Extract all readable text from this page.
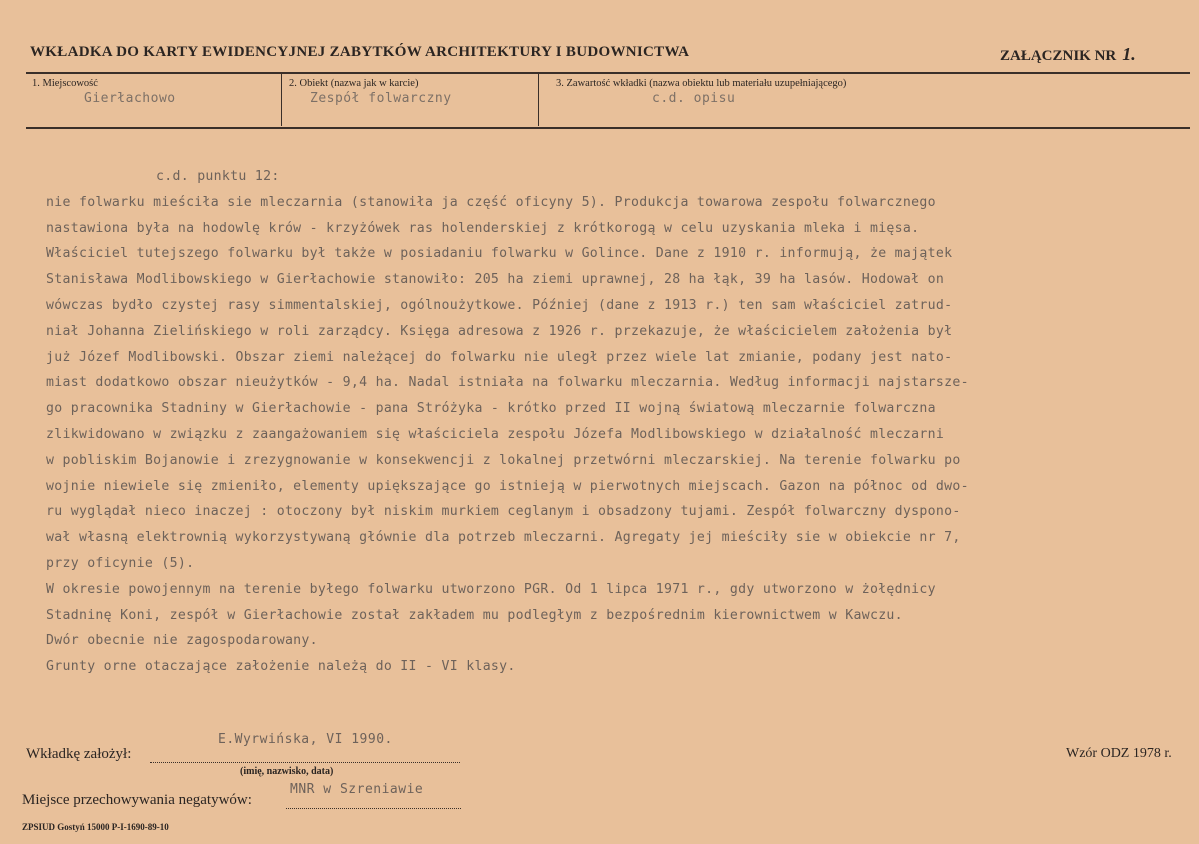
WKŁADKA DO KARTY EWIDENCYJNEJ ZABYTKÓW ARCHITEKTURY I BUDOWNICTWA	ZAŁĄCZNIK NR 1.
1. Miejscowość
Gierłachowo
2. Obiekt (nazwa jak w karcie)
Zespół folwarczny
3. Zawartość wkładki (nazwa obiektu lub materiału uzupełniającego)
c.d. opisu
c.d. punktu 12:
nie folwarku mieściła sie mleczarnia (stanowiła ja część oficyny 5). Produkcja towarowa zespołu folwarcznego
nastawiona była na hodowlę krów - krzyżówek ras holenderskiej z krótkorogą w celu uzyskania mleka i mięsa.
Właściciel tutejszego folwarku był także w posiadaniu folwarku w Golince. Dane z 1910 r. informują, że majątek
Stanisława Modlibowskiego w Gierłachowie stanowiło: 205 ha ziemi uprawnej, 28 ha łąk, 39 ha lasów. Hodował on
wówczas bydło czystej rasy simmentalskiej, ogólnoużytkowe. Później (dane z 1913 r.) ten sam właściciel zatrud-
niał Johanna Zielińskiego w roli zarządcy. Księga adresowa z 1926 r. przekazuje, że właścicielem założenia był
już Józef Modlibowski. Obszar ziemi należącej do folwarku nie uległ przez wiele lat zmianie, podany jest nato-
miast dodatkowo obszar nieużytków - 9,4 ha. Nadal istniała na folwarku mleczarnia. Według informacji najstarsze-
go pracownika Stadniny w Gierłachowie - pana Stróżyka - krótko przed II wojną światową mleczarnie folwarczna
zlikwidowano w związku z zaangażowaniem się właściciela zespołu Józefa Modlibowskiego w działalność mleczarni
w pobliskim Bojanowie i zrezygnowanie w konsekwencji z lokalnej przetwórni mleczarskiej. Na terenie folwarku po
wojnie niewiele się zmieniło, elementy upiększające go istnieją w pierwotnych miejscach. Gazon na północ od dwo-
ru wyglądał nieco inaczej : otoczony był niskim murkiem ceglanym i obsadzony tujami. Zespół folwarczny dyspono-
wał własną elektrownią wykorzystywaną głównie dla potrzeb mleczarni. Agregaty jej mieściły sie w obiekcie nr 7,
przy oficynie (5).
W okresie powojennym na terenie byłego folwarku utworzono PGR. Od 1 lipca 1971 r., gdy utworzono w żołędnicy
Stadninę Koni, zespół w Gierłachowie został zakładem mu podległym z bezpośrednim kierownictwem w Kawczu.
Dwór obecnie nie zagospodarowany.
Grunty orne otaczające założenie należą do II - VI klasy.
E.Wyrwińska, VI 1990.
Wkładkę założył:
(imię, nazwisko, data)
Wzór ODZ 1978 r.
MNR w Szreniawie
Miejsce przechowywania negatywów:
ZPSIUD Gostyń 15000 P-I-1690-89-10
